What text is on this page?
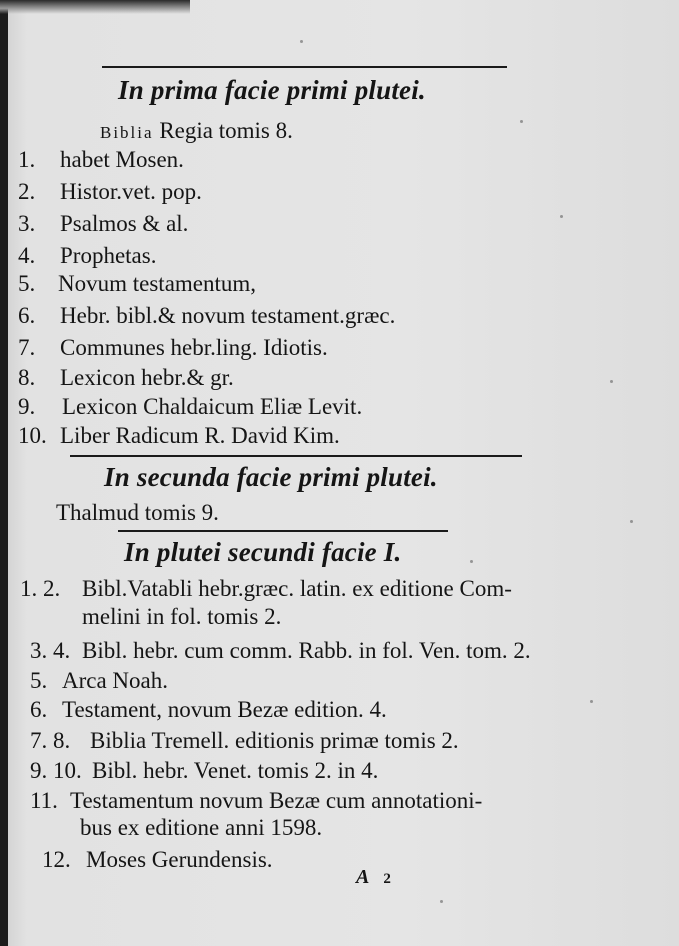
In prima facie primi plutei.
Biblia Regia tomis 8.
1. habet Mosen.
2. Histor.vet. pop.
3. Psalmos & al.
4. Prophetas.
5. Novum testamentum,
6. Hebr. bibl.& novum testament.græc.
7. Communes hebr.ling. Idiotis.
8. Lexicon hebr.& gr.
9. Lexicon Chaldaicum Eliæ Levit.
10. Liber Radicum R. David Kim.
In secunda facie primi plutei.
Thalmud tomis 9.
In plutei secundi facie I.
1. 2. Bibl.Vatabli hebr.græc. latin. ex editione Com-
melini in fol. tomis 2.
3. 4. Bibl. hebr. cum comm. Rabb. in fol. Ven. tom. 2.
5. Arca Noah.
6. Testament, novum Bezæ edition. 4.
7. 8. Biblia Tremell. editionis primæ tomis 2.
9. 10. Bibl. hebr. Venet. tomis 2. in 4.
11. Testamentum novum Bezæ cum annotationi-
bus ex editione anni 1598.
12. Moses Gerundensis.
A 2
